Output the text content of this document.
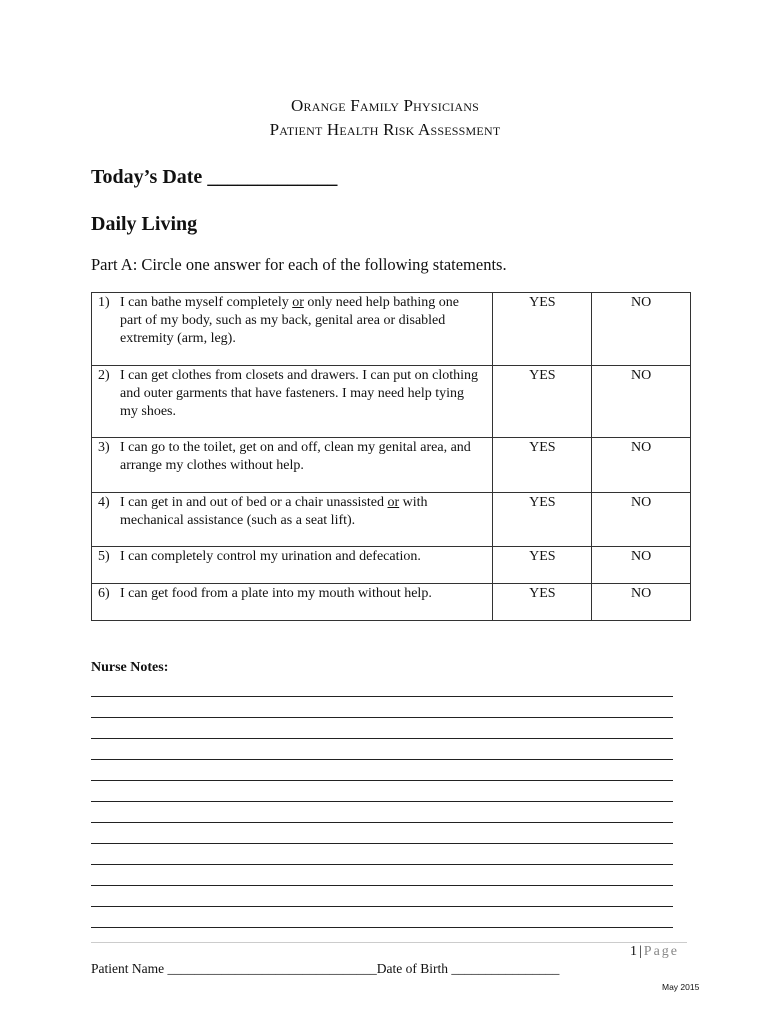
Orange Family Physicians
Patient Health Risk Assessment
Today’s Date _____________
Daily Living
Part A: Circle one answer for each of the following statements.
1) I can bathe myself completely or only need help bathing one part of my body, such as my back, genital area or disabled extremity (arm, leg).	YES	NO
2) I can get clothes from closets and drawers. I can put on clothing and outer garments that have fasteners. I may need help tying my shoes.	YES	NO
3) I can go to the toilet, get on and off, clean my genital area, and arrange my clothes without help.	YES	NO
4) I can get in and out of bed or a chair unassisted or with mechanical assistance (such as a seat lift).	YES	NO
5) I can completely control my urination and defecation.	YES	NO
6) I can get food from a plate into my mouth without help.	YES	NO
Nurse Notes:
1 | Page
Patient Name _______________________________Date of Birth ________________
May 2015
